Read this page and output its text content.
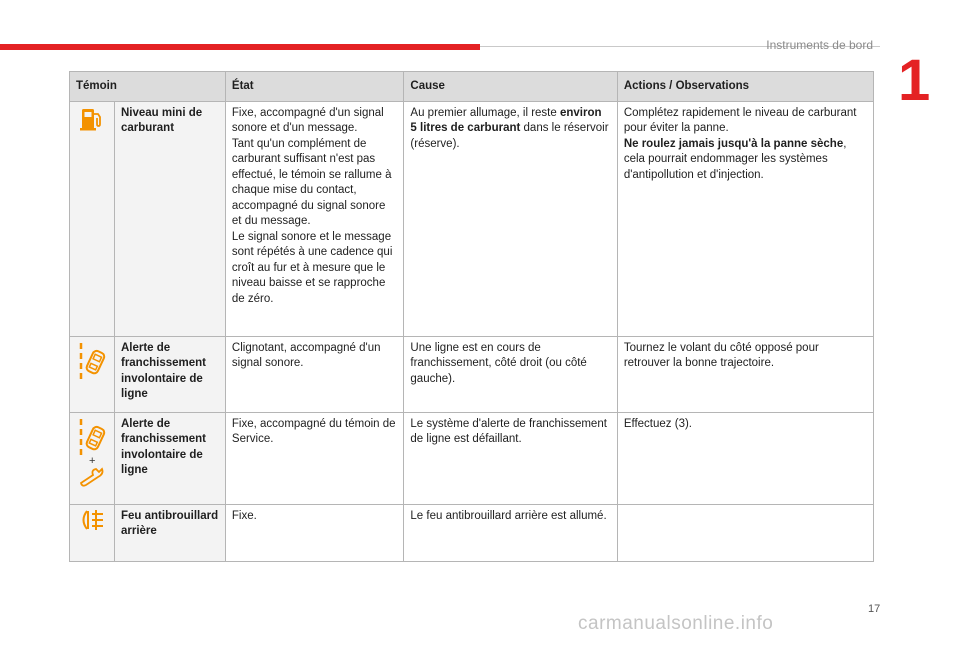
Instruments de bord
1
Témoin		État	Cause	Actions / Observations

	Niveau mini de carburant	Fixe, accompagné d'un signal sonore et d'un message.
Tant qu'un complément de carburant suffisant n'est pas effectué, le témoin se rallume à chaque mise du contact, accompagné du signal sonore et du message.
Le signal sonore et le message sont répétés à une cadence qui croît au fur et à mesure que le niveau baisse et se rapproche de zéro.	Au premier allumage, il reste environ 5 litres de carburant dans le réservoir (réserve).	Complétez rapidement le niveau de carburant pour éviter la panne.
Ne roulez jamais jusqu'à la panne sèche, cela pourrait endommager les systèmes d'antipollution et d'injection.

	Alerte de franchissement involontaire de ligne	Clignotant, accompagné d'un signal sonore.	Une ligne est en cours de franchissement, côté droit (ou côté gauche).	Tournez le volant du côté opposé pour retrouver la bonne trajectoire.

+	Alerte de franchissement involontaire de ligne	Fixe, accompagné du témoin de Service.	Le système d'alerte de franchissement de ligne est défaillant.	Effectuez (3).

	Feu antibrouillard arrière	Fixe.	Le feu antibrouillard arrière est allumé.	
17
carmanualsonline.info
